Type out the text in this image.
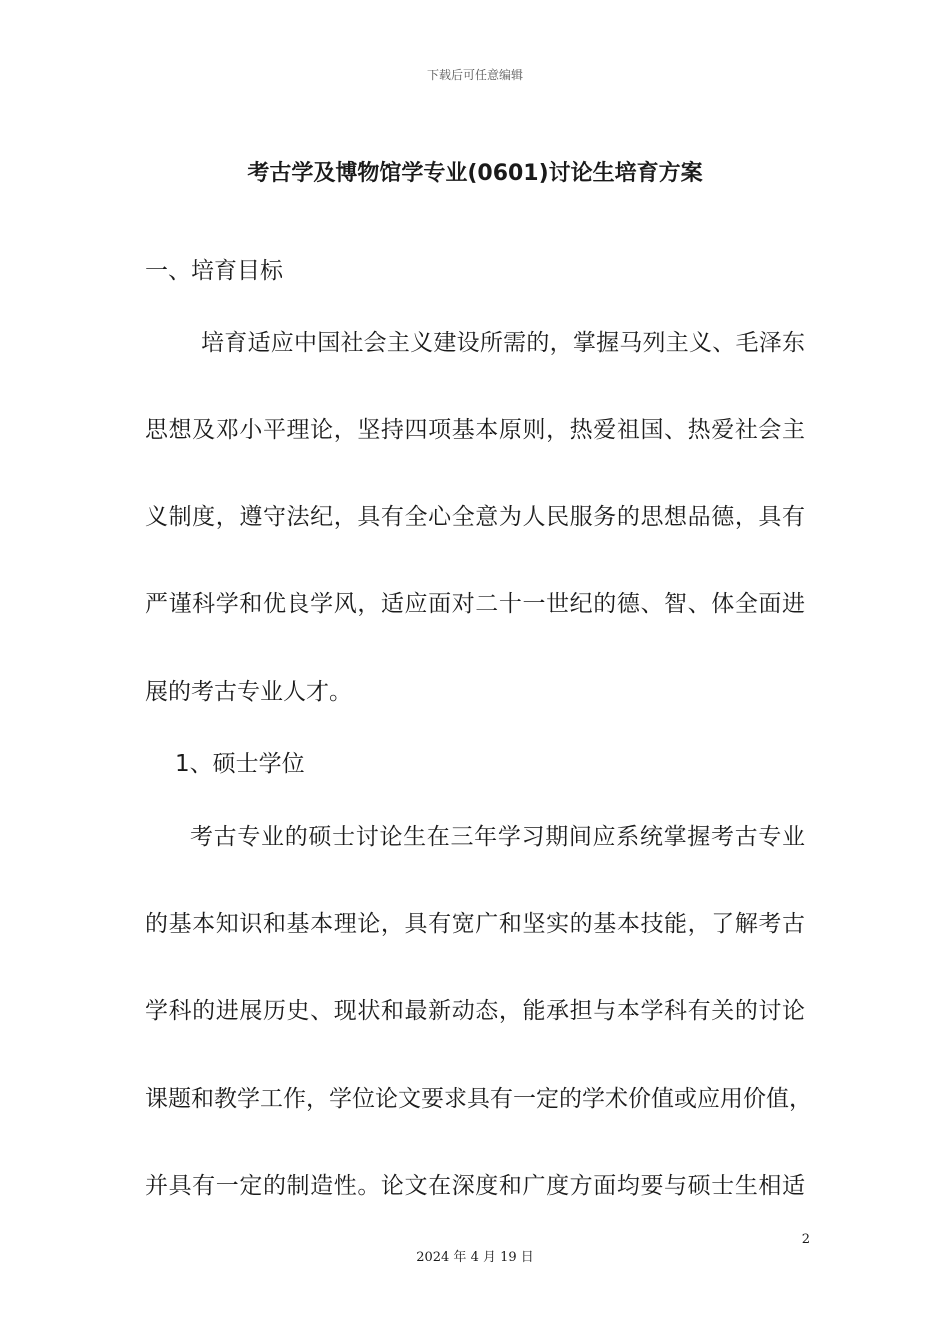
下载后可任意编辑
考古学及博物馆学专业(0601)讨论生培育方案
一、培育目标
培育适应中国社会主义建设所需的，掌握马列主义、毛泽东
思想及邓小平理论，坚持四项基本原则，热爱祖国、热爱社会主
义制度，遵守法纪，具有全心全意为人民服务的思想品德，具有
严谨科学和优良学风，适应面对二十一世纪的德、智、体全面进
展的考古专业人才。
1、硕士学位
考古专业的硕士讨论生在三年学习期间应系统掌握考古专业
的基本知识和基本理论，具有宽广和坚实的基本技能，了解考古
学科的进展历史、现状和最新动态，能承担与本学科有关的讨论
课题和教学工作，学位论文要求具有一定的学术价值或应用价值，
并具有一定的制造性。论文在深度和广度方面均要与硕士生相适
2
2024 年 4 月 19 日
